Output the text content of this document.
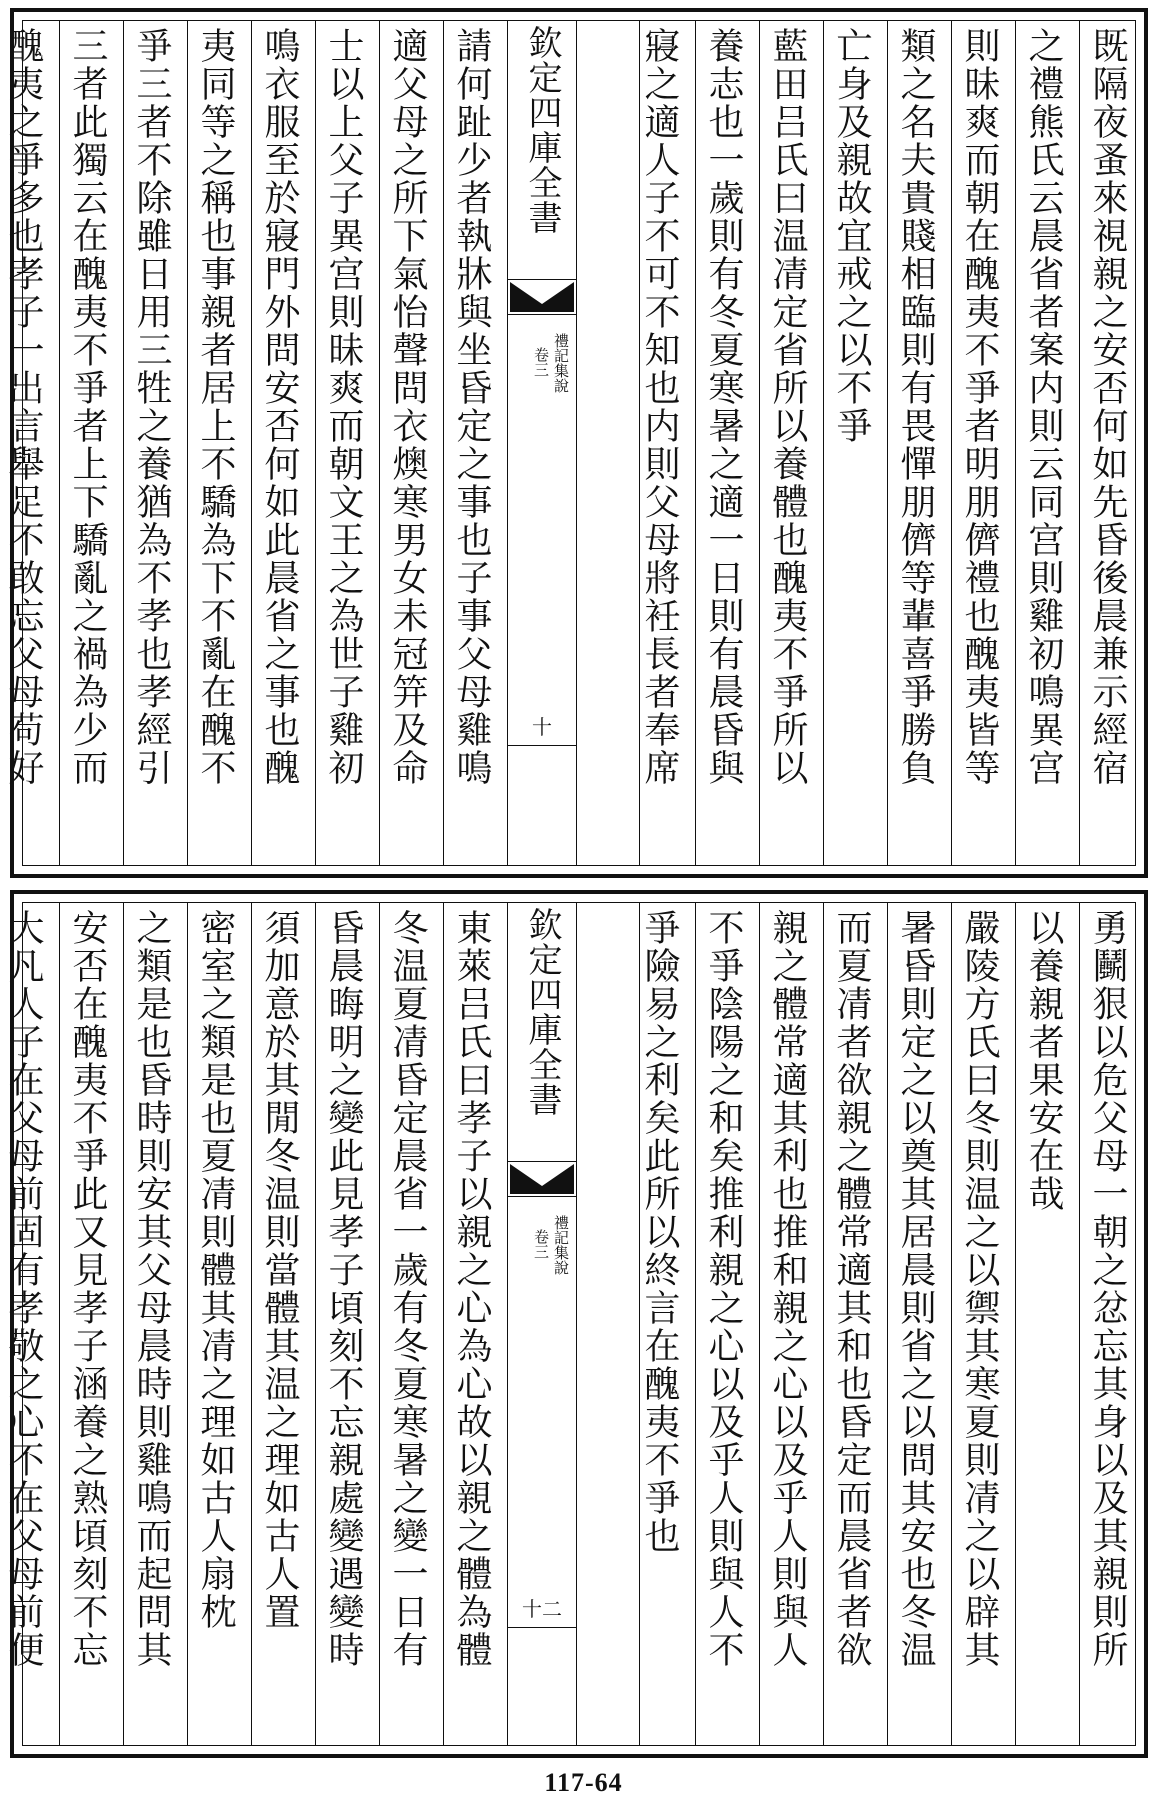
既隔夜蚤來視親之安否何如先昏後晨兼示經宿
之禮熊氏云晨省者案内則云同宫則雞初鳴異宫
則昧爽而朝在醜夷不爭者明朋儕禮也醜夷皆等
類之名夫貴賤相臨則有畏憚朋儕等輩喜爭勝負
亡身及親故宜戒之以不爭
藍田吕氏曰温凊定省所以養體也醜夷不爭所以
養志也一歲則有冬夏寒暑之適一日則有晨昏與
寢之適人子不可不知也内則父母將衽長者奉席
欽定四庫全書
禮記集說
卷三
十
請何趾少者執牀與坐昏定之事也子事父母雞鳴
適父母之所下氣怡聲問衣燠寒男女未冠笄及命
士以上父子異宫則昧爽而朝文王之為世子雞初
鳴衣服至於寢門外問安否何如此晨省之事也醜
夷同等之稱也事親者居上不驕為下不亂在醜不
爭三者不除雖日用三牲之養猶為不孝也孝經引
三者此獨云在醜夷不爭者上下驕亂之禍為少而
醜夷之爭多也孝子一出言舉足不敢忘父母苟好
勇鬭狠以危父母一朝之忿忘其身以及其親則所
以養親者果安在哉
嚴陵方氏曰冬則温之以禦其寒夏則凊之以辟其
暑昏則定之以奠其居晨則省之以問其安也冬温
而夏凊者欲親之體常適其和也昏定而晨省者欲
親之體常適其利也推和親之心以及乎人則與人
不爭陰陽之和矣推利親之心以及乎人則與人不
爭險易之利矣此所以終言在醜夷不爭也
欽定四庫全書
禮記集說
卷三
十二
東萊吕氏曰孝子以親之心為心故以親之體為體
冬温夏凊昏定晨省一歲有冬夏寒暑之變一日有
昏晨晦明之變此見孝子頃刻不忘親處變遇變時
須加意於其閒冬温則當體其温之理如古人置
密室之類是也夏凊則體其凊之理如古人扇枕
之類是也昏時則安其父母晨時則雞鳴而起問其
安否在醜夷不爭此又見孝子涵養之熟頃刻不忘
大凡人子在父母前固有孝敬之心不在父母前便
117-64
